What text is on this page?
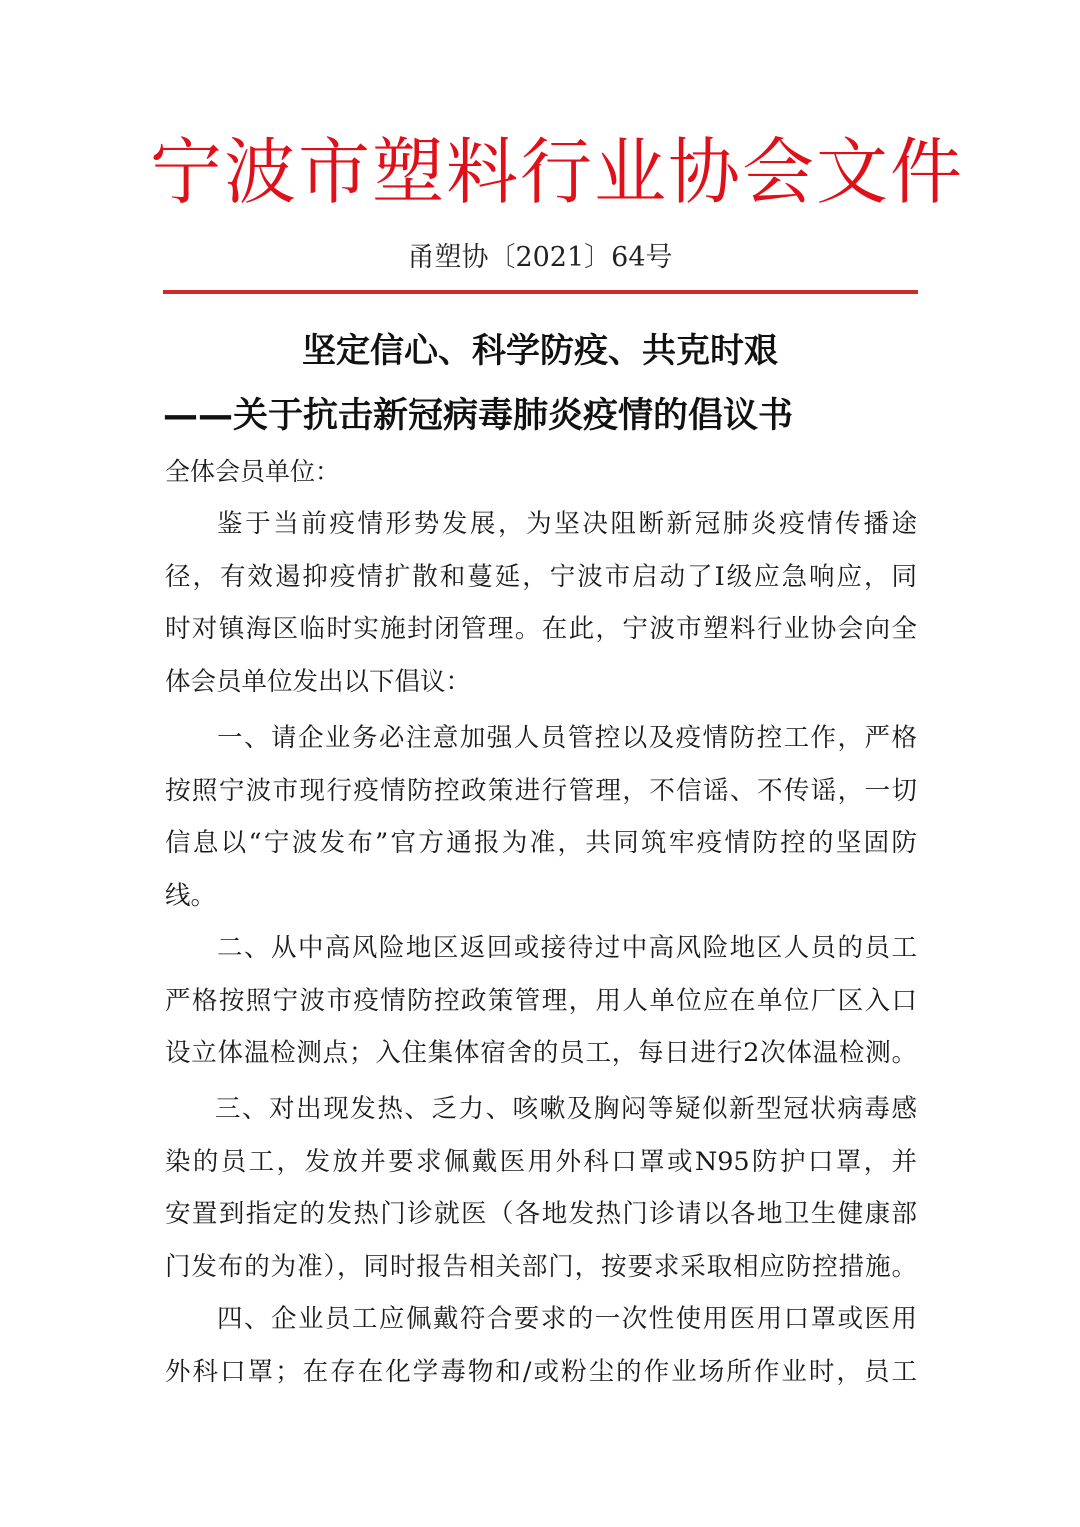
宁波市塑料行业协会文件
甬塑协〔2021〕64号
坚定信心、科学防疫、共克时艰
——关于抗击新冠病毒肺炎疫情的倡议书
全体会员单位：
鉴于当前疫情形势发展，为坚决阻断新冠肺炎疫情传播途
径，有效遏抑疫情扩散和蔓延，宁波市启动了I级应急响应，同
时对镇海区临时实施封闭管理。在此，宁波市塑料行业协会向全
体会员单位发出以下倡议：
一、请企业务必注意加强人员管控以及疫情防控工作，严格
按照宁波市现行疫情防控政策进行管理，不信谣、不传谣，一切
信息以“宁波发布”官方通报为准，共同筑牢疫情防控的坚固防
线。
二、从中高风险地区返回或接待过中高风险地区人员的员工
严格按照宁波市疫情防控政策管理，用人单位应在单位厂区入口
设立体温检测点；入住集体宿舍的员工，每日进行2次体温检测。
三、对出现发热、乏力、咳嗽及胸闷等疑似新型冠状病毒感
染的员工，发放并要求佩戴医用外科口罩或N95防护口罩，并
安置到指定的发热门诊就医（各地发热门诊请以各地卫生健康部
门发布的为准），同时报告相关部门，按要求采取相应防控措施。
四、企业员工应佩戴符合要求的一次性使用医用口罩或医用
外科口罩；在存在化学毒物和/或粉尘的作业场所作业时，员工
